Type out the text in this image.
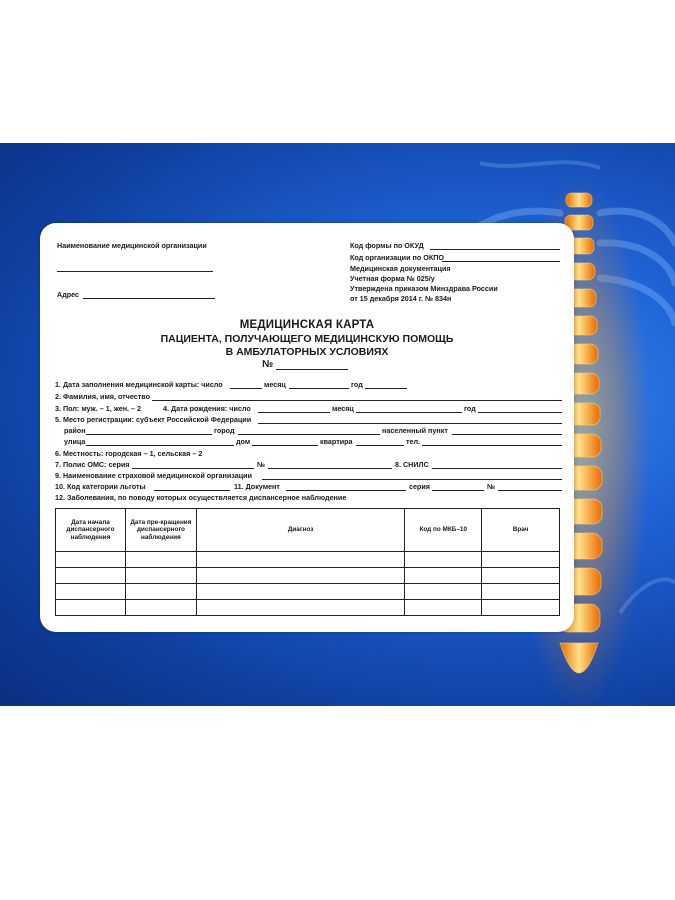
Наименование медицинской организации
Адрес
Код формы по ОКУД
Код организации по ОКПО
Медицинская документация
Учетная форма № 025/у
Утверждена приказом Минздрава России
от 15 декабря 2014 г. № 834н
МЕДИЦИНСКАЯ КАРТА
ПАЦИЕНТА, ПОЛУЧАЮЩЕГО МЕДИЦИНСКУЮ ПОМОЩЬ
В АМБУЛАТОРНЫХ УСЛОВИЯХ
№
1. Дата заполнения медицинской карты: число	месяц	год
2. Фамилия, имя, отчество
3. Пол: муж. – 1, жен. – 2	4. Дата рождения: число	месяц	год
5. Место регистрации: субъект Российской Федерации
район	город	населенный пункт
улица	дом	квартира	тел.
6. Местность: городская – 1, сельская – 2
7. Полис ОМС: серия	№	8. СНИЛС
9. Наименование страховой медицинской организации
10. Код категории льготы	11. Документ	серия	№
12. Заболевания, по поводу которых осуществляется диспансерное наблюдение
Дата начала диспансерного наблюдения	Дата пре-кращения диспансерного наблюдения	Диагноз	Код по МКБ–10	Врач
